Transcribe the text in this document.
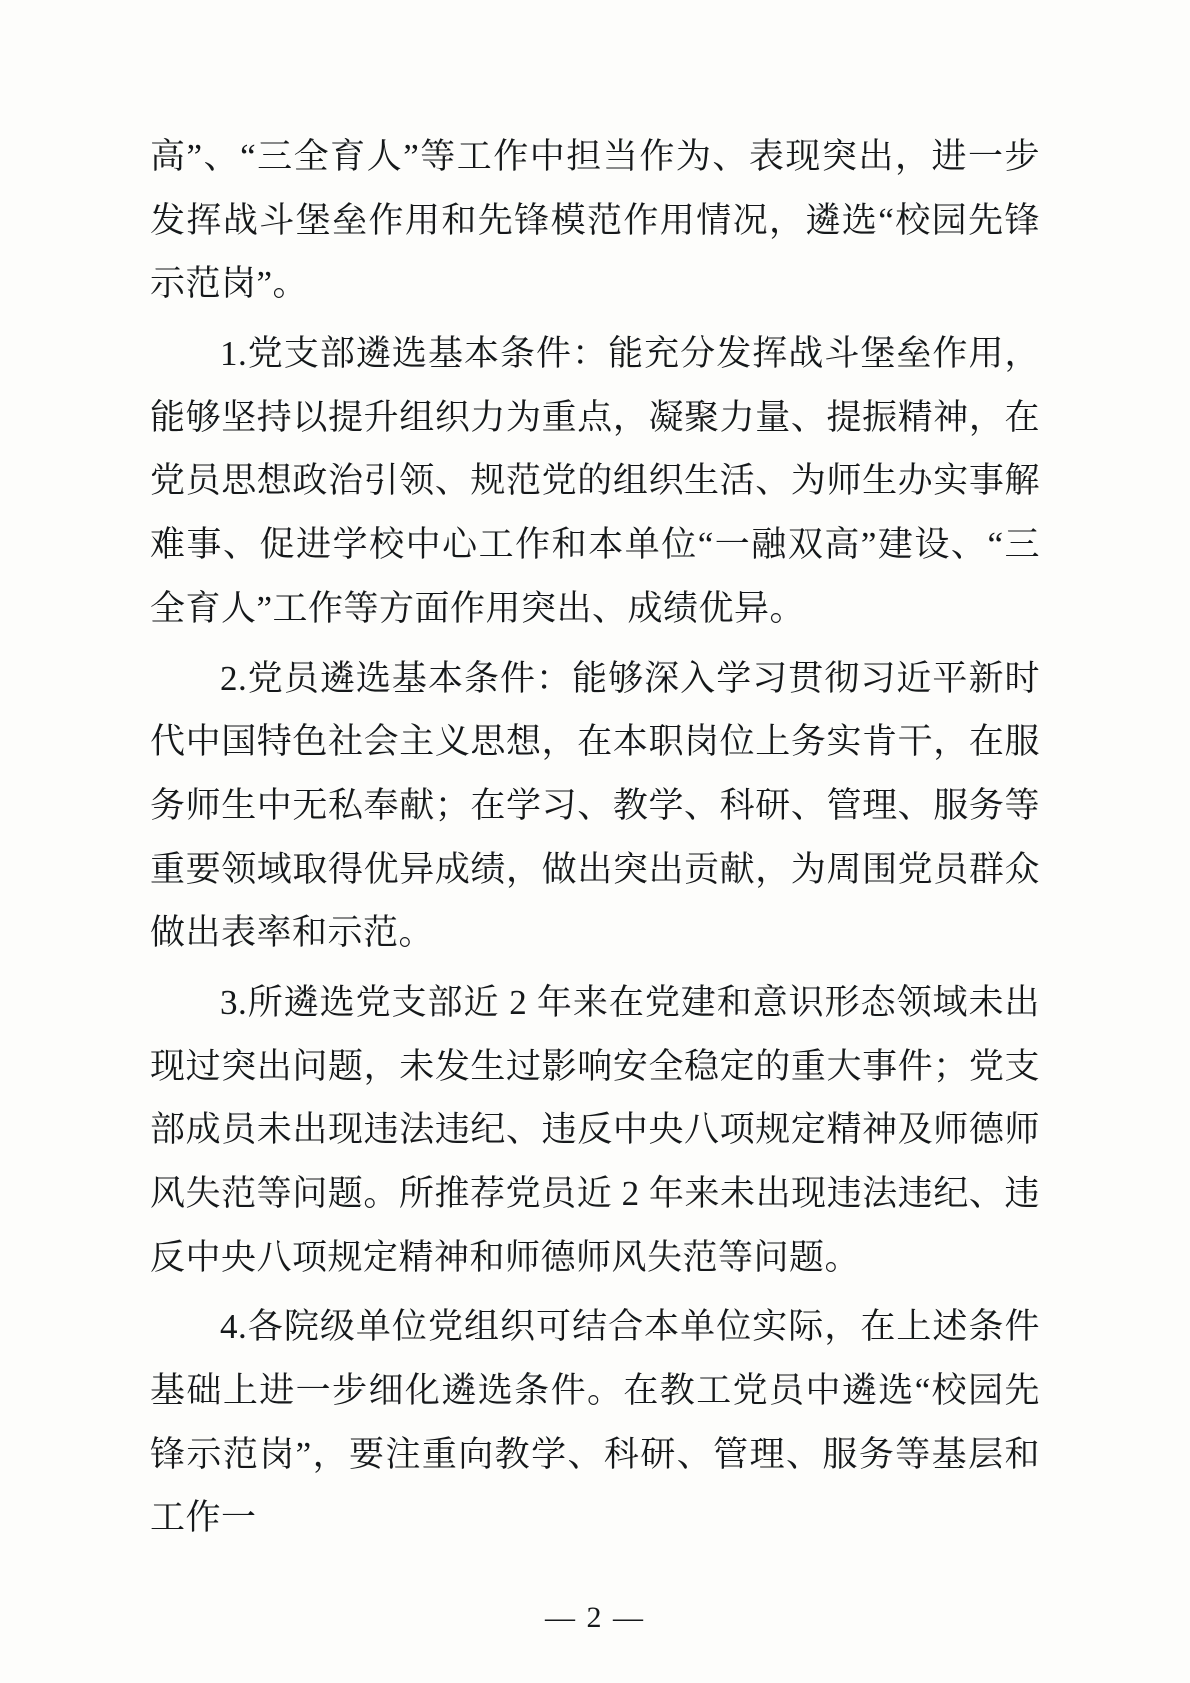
高”、“三全育人”等工作中担当作为、表现突出，进一步发挥战斗堡垒作用和先锋模范作用情况，遴选“校园先锋示范岗”。

1.党支部遴选基本条件：能充分发挥战斗堡垒作用，能够坚持以提升组织力为重点，凝聚力量、提振精神，在党员思想政治引领、规范党的组织生活、为师生办实事解难事、促进学校中心工作和本单位“一融双高”建设、“三全育人”工作等方面作用突出、成绩优异。

2.党员遴选基本条件：能够深入学习贯彻习近平新时代中国特色社会主义思想，在本职岗位上务实肯干，在服务师生中无私奉献；在学习、教学、科研、管理、服务等重要领域取得优异成绩，做出突出贡献，为周围党员群众做出表率和示范。

3.所遴选党支部近 2 年来在党建和意识形态领域未出现过突出问题，未发生过影响安全稳定的重大事件；党支部成员未出现违法违纪、违反中央八项规定精神及师德师风失范等问题。所推荐党员近 2 年来未出现违法违纪、违反中央八项规定精神和师德师风失范等问题。

4.各院级单位党组织可结合本单位实际，在上述条件基础上进一步细化遴选条件。在教工党员中遴选“校园先锋示范岗”，要注重向教学、科研、管理、服务等基层和工作一

— 2 —
